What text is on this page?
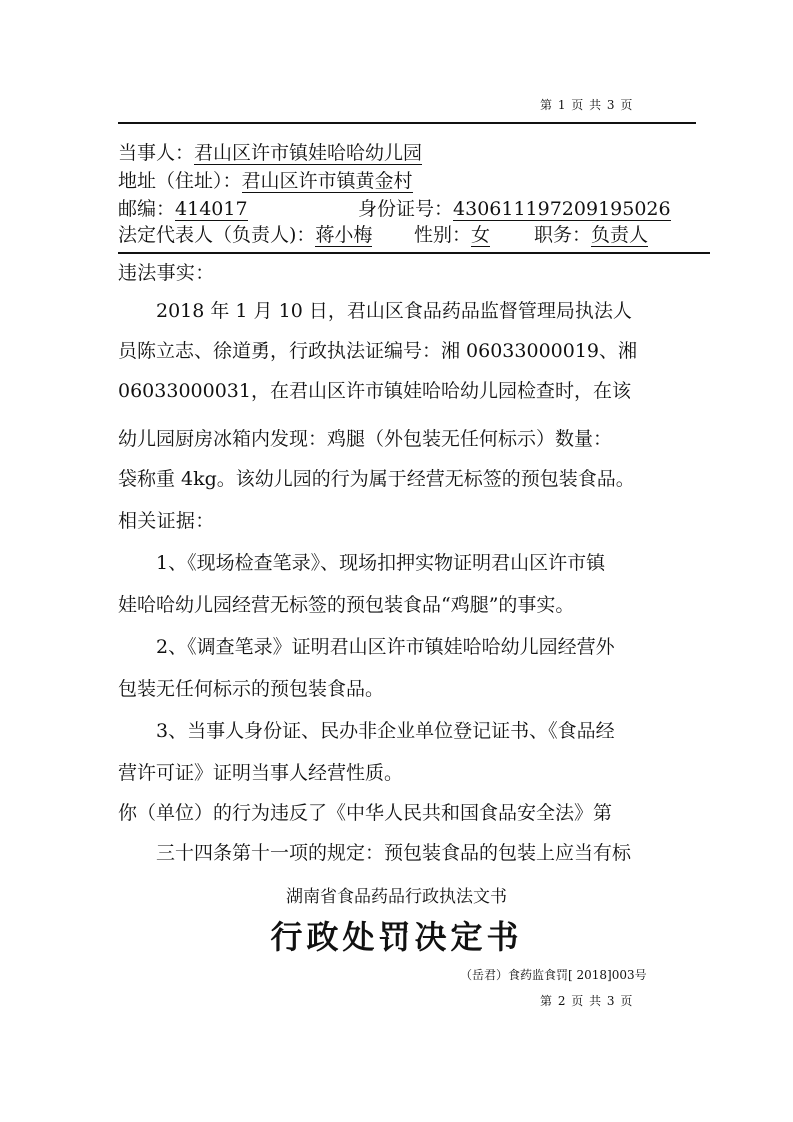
第 1 页 共 3 页
当事人：君山区许市镇娃哈哈幼儿园
地址（住址）：君山区许市镇黄金村
邮编：414017	身份证号：430611197209195026
法定代表人（负责人)：蒋小梅 性别：女 职务：负责人
违法事实：
2018 年 1 月 10 日，君山区食品药品监督管理局执法人
员陈立志、徐道勇，行政执法证编号：湘 06033000019、湘
06033000031，在君山区许市镇娃哈哈幼儿园检查时，在该
幼儿园厨房冰箱内发现：鸡腿（外包装无任何标示）数量：
袋称重 4kg。该幼儿园的行为属于经营无标签的预包装食品。
相关证据：
1、《现场检查笔录》、现场扣押实物证明君山区许市镇
娃哈哈幼儿园经营无标签的预包装食品“鸡腿”的事实。
2、《调查笔录》证明君山区许市镇娃哈哈幼儿园经营外
包装无任何标示的预包装食品。
3、当事人身份证、民办非企业单位登记证书、《食品经
营许可证》证明当事人经营性质。
你（单位）的行为违反了《中华人民共和国食品安全法》第
三十四条第十一项的规定：预包装食品的包装上应当有标
湖南省食品药品行政执法文书
行政处罚决定书
（岳君）食药监食罚[ 2018]003号
第 2 页 共 3 页
